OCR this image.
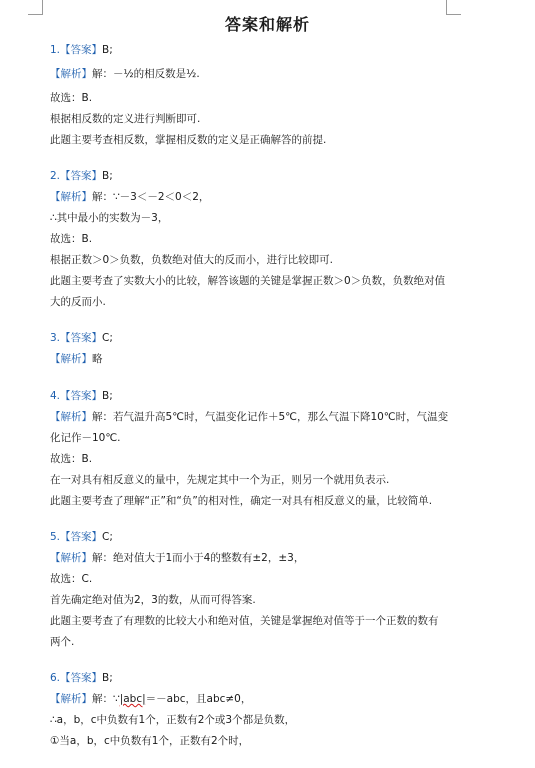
答案和解析
1.【答案】B;
【解析】解：－½的相反数是½.
故选：B.
根据相反数的定义进行判断即可.
此题主要考查相反数，掌握相反数的定义是正确解答的前提.
2.【答案】B;
【解析】解：∵－3＜－2＜0＜2，
∴其中最小的实数为－3，
故选：B.
根据正数＞0＞负数，负数绝对值大的反而小，进行比较即可.
此题主要考查了实数大小的比较，解答该题的关键是掌握正数＞0＞负数，负数绝对值
大的反而小.
3.【答案】C;
【解析】略
4.【答案】B;
【解析】解：若气温升高5℃时，气温变化记作＋5℃，那么气温下降10℃时，气温变
化记作－10℃.
故选：B.
在一对具有相反意义的量中，先规定其中一个为正，则另一个就用负表示.
此题主要考查了理解“正”和“负”的相对性，确定一对具有相反意义的量，比较简单.
5.【答案】C;
【解析】解：绝对值大于1而小于4的整数有±2，±3，
故选：C.
首先确定绝对值为2，3的数，从而可得答案.
此题主要考查了有理数的比较大小和绝对值，关键是掌握绝对值等于一个正数的数有
两个.
6.【答案】B;
【解析】解：∵|abc|＝－abc，且abc≠0，
∴a，b，c中负数有1个，正数有2个或3个都是负数，
①当a，b，c中负数有1个，正数有2个时，
